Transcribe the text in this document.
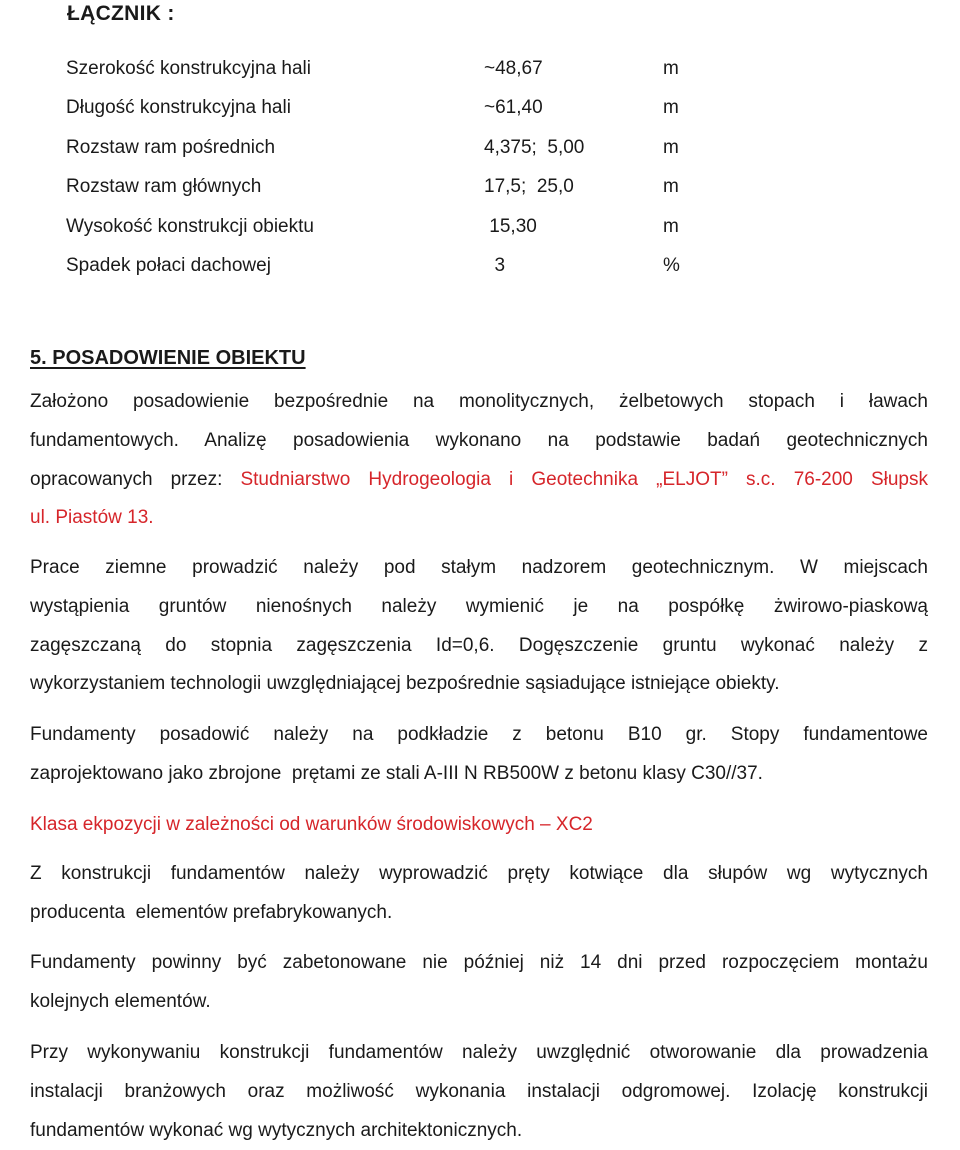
ŁĄCZNIK :
Szerokość konstrukcyjna hali	~48,67	m
Długość konstrukcyjna hali	~61,40	m
Rozstaw ram pośrednich	4,375;  5,00	m
Rozstaw ram głównych	17,5;  25,0	m
Wysokość konstrukcji obiektu	15,30	m
Spadek połaci dachowej	3	%
5. POSADOWIENIE OBIEKTU
Założono posadowienie bezpośrednie na monolitycznych, żelbetowych stopach i ławach
fundamentowych. Analizę posadowienia wykonano na podstawie badań geotechnicznych
opracowanych przez: Studniarstwo Hydrogeologia i Geotechnika „ELJOT” s.c. 76-200 Słupsk
ul. Piastów 13.
Prace ziemne prowadzić należy pod stałym nadzorem geotechnicznym. W miejscach
wystąpienia gruntów nienośnych należy wymienić je na pospółkę żwirowo-piaskową
zagęszczaną do stopnia zagęszczenia Id=0,6. Dogęszczenie gruntu wykonać należy z
wykorzystaniem technologii uwzględniającej bezpośrednie sąsiadujące istniejące obiekty.
Fundamenty posadowić należy na podkładzie z betonu B10 gr. Stopy fundamentowe
zaprojektowano jako zbrojone  prętami ze stali A-III N RB500W z betonu klasy C30//37.
Klasa ekpozycji w zależności od warunków środowiskowych – XC2
Z konstrukcji fundamentów należy wyprowadzić pręty kotwiące dla słupów wg wytycznych
producenta  elementów prefabrykowanych.
Fundamenty powinny być zabetonowane nie później niż 14 dni przed rozpoczęciem montażu
kolejnych elementów.
Przy wykonywaniu konstrukcji fundamentów należy uwzględnić otworowanie dla prowadzenia
instalacji branżowych oraz możliwość wykonania instalacji odgromowej. Izolację konstrukcji
fundamentów wykonać wg wytycznych architektonicznych.
